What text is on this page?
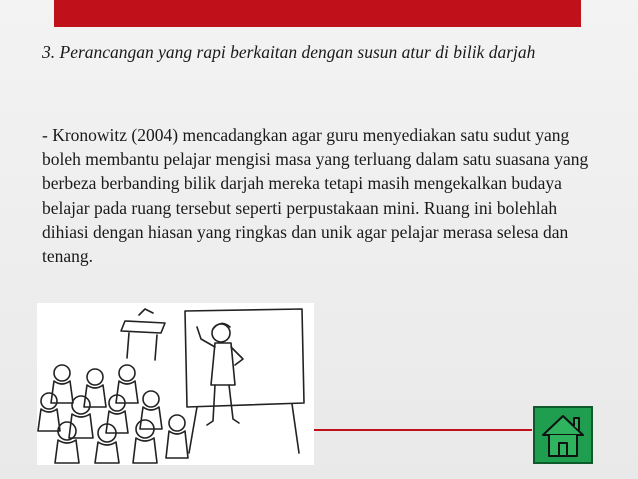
3. Perancangan yang rapi berkaitan dengan susun atur di bilik darjah
- Kronowitz (2004) mencadangkan agar guru menyediakan satu sudut yang boleh membantu pelajar mengisi masa yang terluang dalam satu suasana yang berbeza berbanding bilik darjah mereka tetapi masih mengekalkan budaya belajar pada ruang tersebut seperti perpustakaan mini. Ruang ini bolehlah dihiasi dengan hiasan yang ringkas dan unik agar pelajar merasa selesa dan tenang.
